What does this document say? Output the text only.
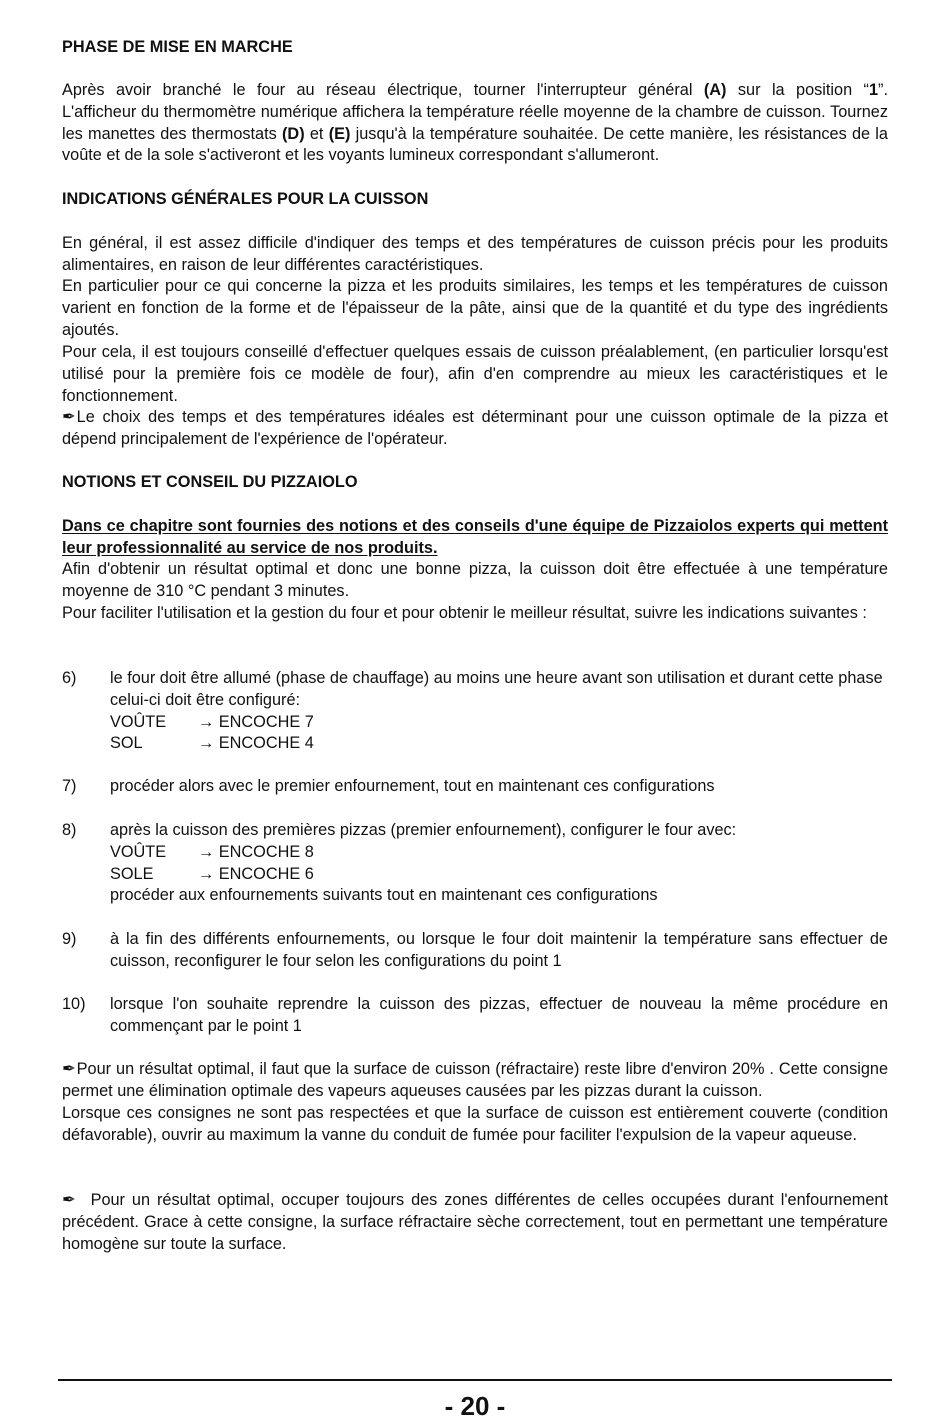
PHASE DE MISE EN MARCHE
Après avoir branché le four au réseau électrique, tourner l'interrupteur général (A) sur la position “1”.
L'afficheur du thermomètre numérique affichera la température réelle moyenne de la chambre de cuisson. Tournez les manettes des thermostats (D) et (E) jusqu'à la température souhaitée. De cette manière, les résistances de la voûte et de la sole s'activeront et les voyants lumineux correspondant s'allumeront.
INDICATIONS GÉNÉRALES POUR LA CUISSON
En général, il est assez difficile d'indiquer des temps et des températures de cuisson précis pour les produits alimentaires, en raison de leur différentes caractéristiques.
En particulier pour ce qui concerne la pizza et les produits similaires, les temps et les températures de cuisson varient en fonction de la forme et de l'épaisseur de la pâte, ainsi que de la quantité et du type des ingrédients ajoutés.
Pour cela, il est toujours conseillé d'effectuer quelques essais de cuisson préalablement, (en particulier lorsqu'est utilisé pour la première fois ce modèle de four), afin d'en comprendre au mieux les caractéristiques et le fonctionnement.
✒Le choix des temps et des températures idéales est déterminant pour une cuisson optimale de la pizza et dépend principalement de l'expérience de l'opérateur.
NOTIONS ET CONSEIL DU PIZZAIOLO
Dans ce chapitre sont fournies des notions et des conseils d'une équipe de Pizzaiolos experts qui mettent leur professionnalité au service de nos produits.
Afin d'obtenir un résultat optimal et donc une bonne pizza, la cuisson doit être effectuée à une température moyenne de 310 °C pendant 3 minutes.
Pour faciliter l'utilisation et la gestion du four et pour obtenir le meilleur résultat, suivre les indications suivantes :
6)	le four doit être allumé (phase de chauffage) au moins une heure avant son utilisation et durant cette phase celui-ci doit être configuré:
VOÛTE	→ ENCOCHE 7
SOL	→ ENCOCHE 4
7)	procéder alors avec le premier enfournement, tout en maintenant ces configurations
8)	après la cuisson des premières pizzas (premier enfournement), configurer le four avec:
VOÛTE	→ ENCOCHE 8
SOLE	→ ENCOCHE 6
procéder aux enfournements suivants tout en maintenant ces configurations
9)	à la fin des différents enfournements, ou lorsque le four doit maintenir la température sans effectuer de cuisson, reconfigurer le four selon les configurations du point 1
10)	lorsque l'on souhaite reprendre la cuisson des pizzas, effectuer de nouveau la même procédure en commençant par le point 1
✒Pour un résultat optimal, il faut que la surface de cuisson (réfractaire) reste libre d'environ 20% . Cette consigne permet une élimination optimale des vapeurs aqueuses causées par les pizzas durant la cuisson.
Lorsque ces consignes ne sont pas respectées et que la surface de cuisson est entièrement couverte (condition défavorable), ouvrir au maximum la vanne du conduit de fumée pour faciliter l'expulsion de la vapeur aqueuse.
✒ Pour un résultat optimal, occuper toujours des zones différentes de celles occupées durant l'enfournement précédent. Grace à cette consigne, la surface réfractaire sèche correctement, tout en permettant une température homogène sur toute la surface.
- 20 -
